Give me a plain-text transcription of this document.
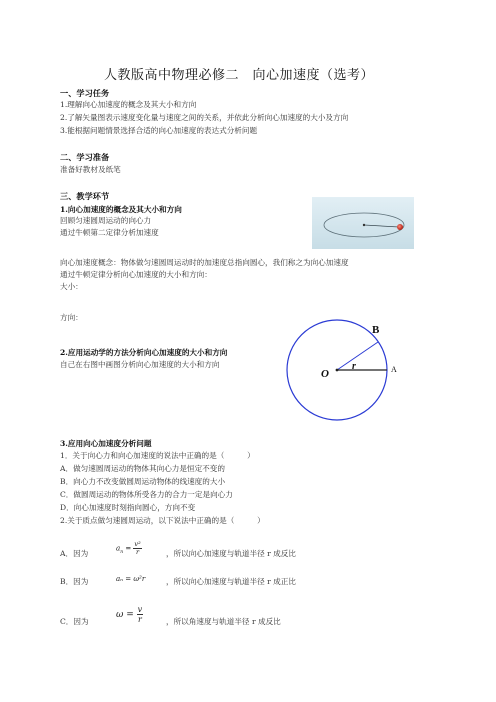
人教版高中物理必修二　向心加速度（选考）
一、学习任务
1.理解向心加速度的概念及其大小和方向
2.了解矢量图表示速度变化量与速度之间的关系，并依此分析向心加速度的大小及方向
3.能根据问题情景选择合适的向心加速度的表达式分析问题
二、学习准备
准备好教材及纸笔
三、教学环节
1.向心加速度的概念及其大小和方向
回顾匀速圆周运动的向心力
通过牛顿第二定律分析加速度
向心加速度概念：物体做匀速圆周运动时的加速度总指向圆心，我们称之为向心加速度
通过牛顿定律分析向心加速度的大小和方向：
大小：
方向：
2.应用运动学的方法分析向心加速度的大小和方向
自己在右图中画图分析向心加速度的大小和方向
B
O
r	A
3.应用向心加速度分析问题
1．关于向心力和向心加速度的说法中正确的是（　　　）
A．做匀速圆周运动的物体其向心力是恒定不变的
B．向心力不改变做圆周运动物体的线速度的大小
C．做圆周运动的物体所受各力的合力一定是向心力
D．向心加速度时刻指向圆心，方向不变
2.关于质点做匀速圆周运动，以下说法中正确的是（　　　）
A．因为
$a_n = \frac{\text{v²}}{r}$	，所以向心加速度与轨道半径 r 成反比
B．因为	aₙ = ω²r	，所以向心加速度与轨道半径 r 成正比
C．因为
$\omega = \frac{v}{r}$	，所以角速度与轨道半径 r 成反比
